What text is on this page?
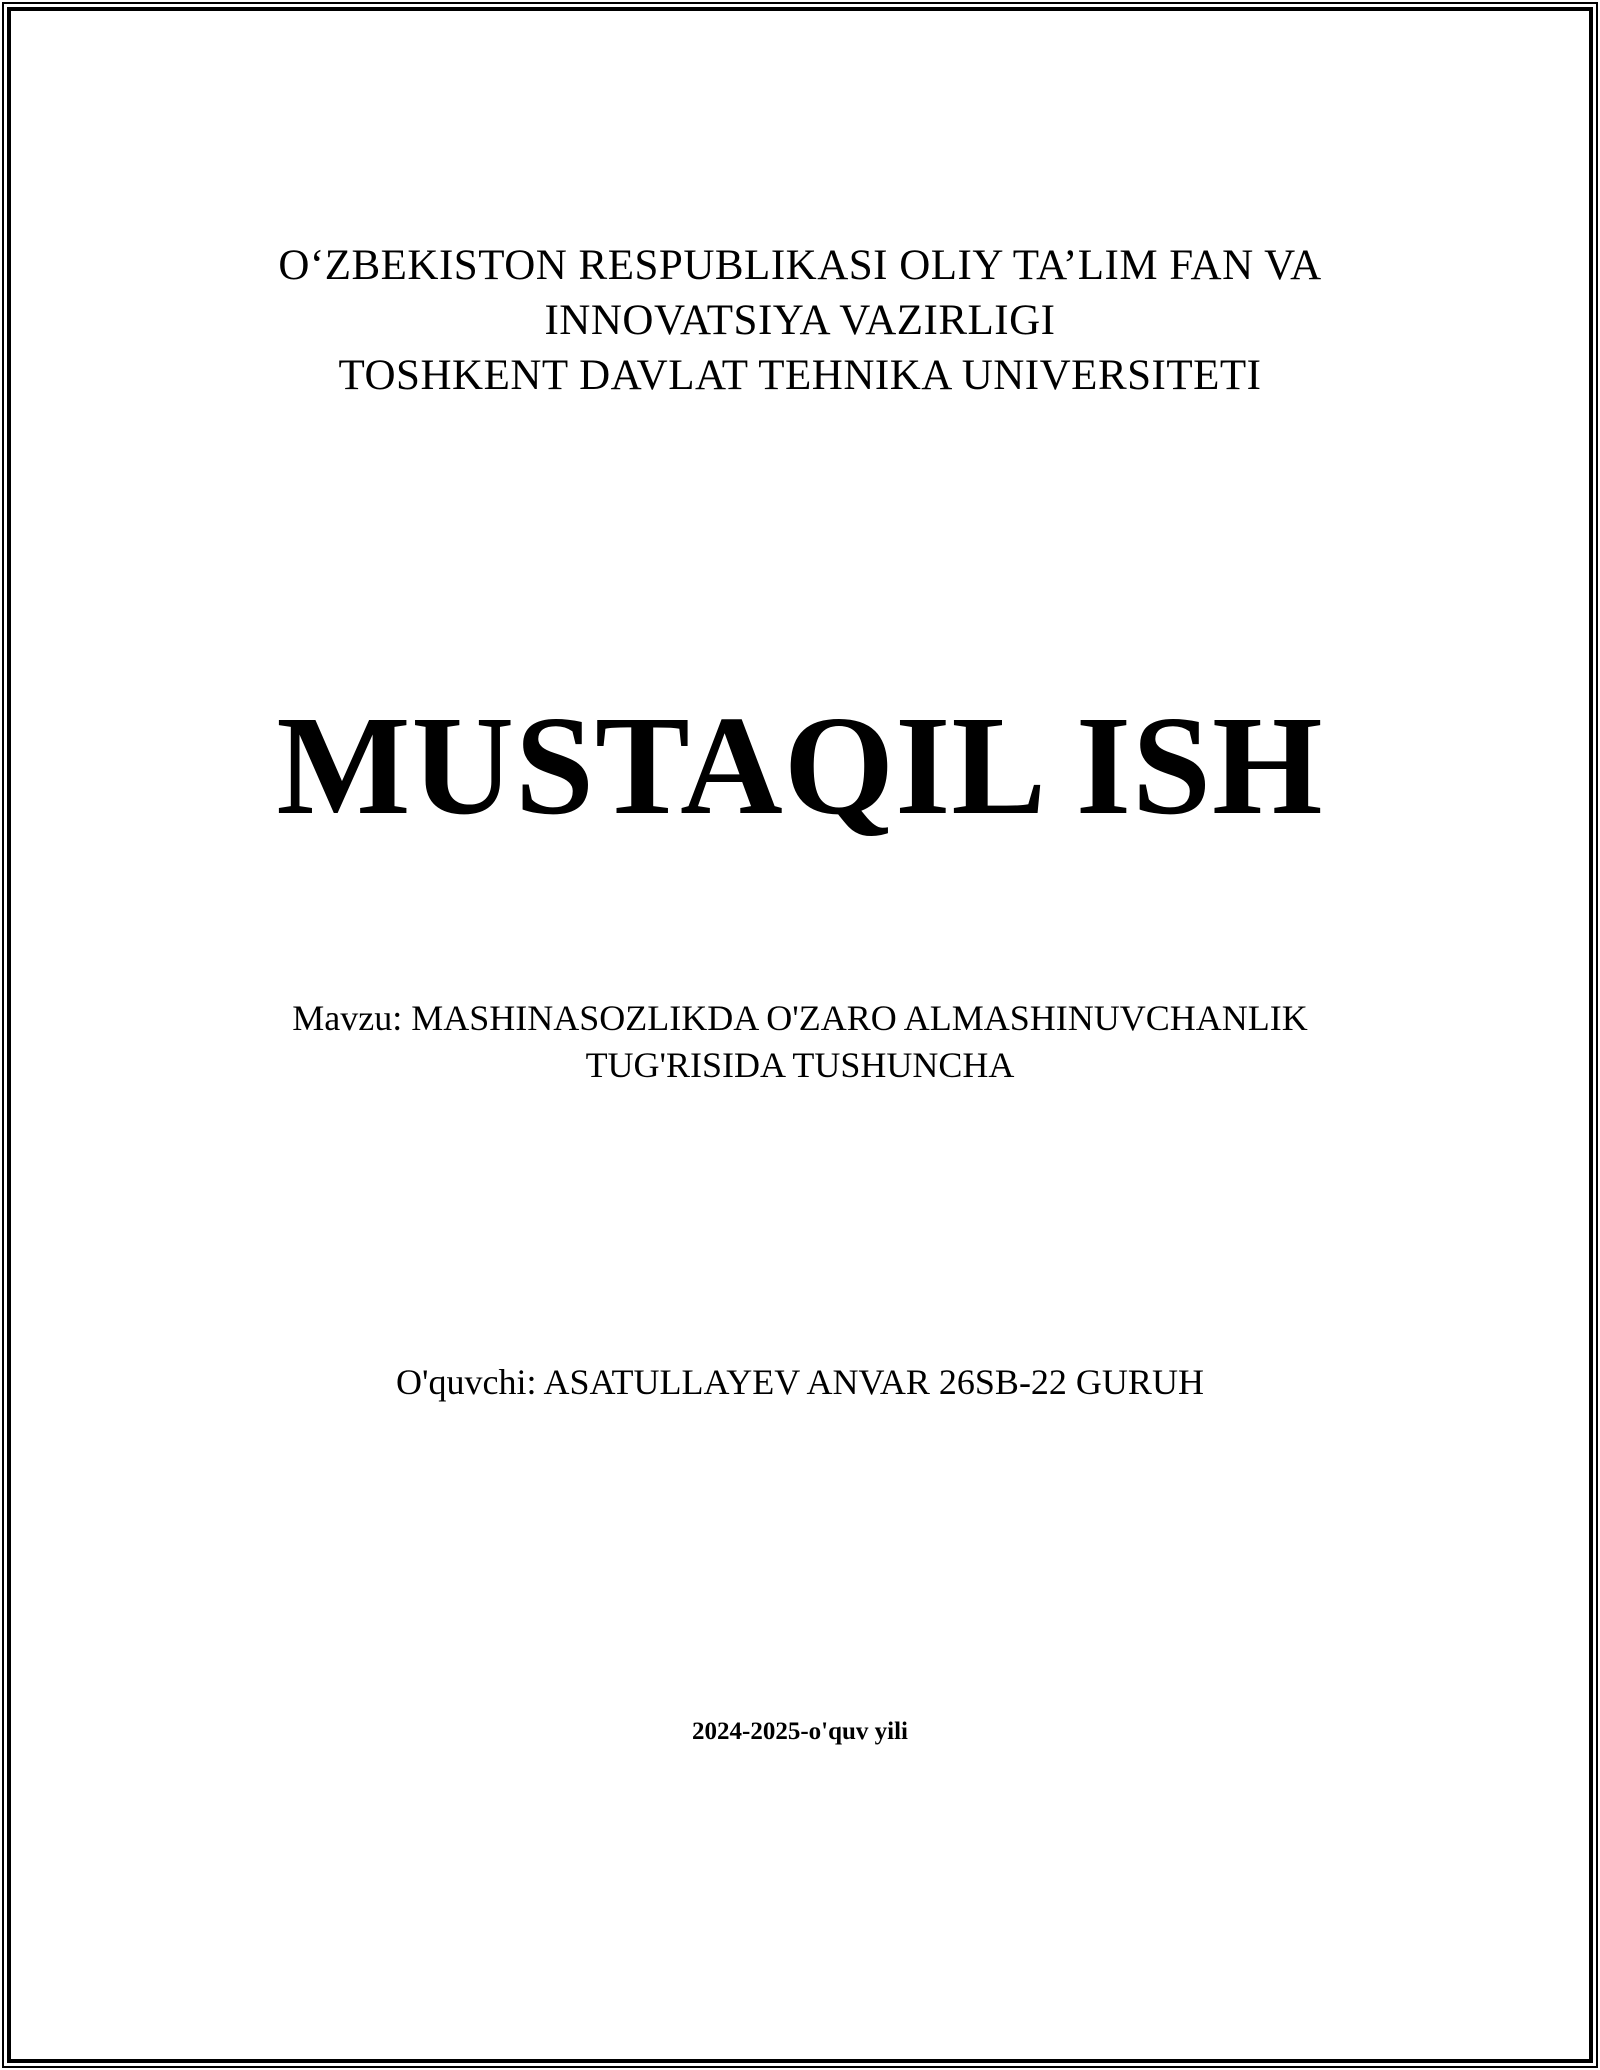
OʻZBEKISTON RESPUBLIKASI OLIY TA’LIM FAN VA
INNOVATSIYA VAZIRLIGI
TOSHKENT DAVLAT TEHNIKA UNIVERSITETI
MUSTAQIL ISH
Mavzu: MASHINASOZLIKDA O'ZARO ALMASHINUVCHANLIK
TUG'RISIDA TUSHUNCHA
O'quvchi: ASATULLAYEV ANVAR 26SB-22 GURUH
2024-2025-o'quv yili
